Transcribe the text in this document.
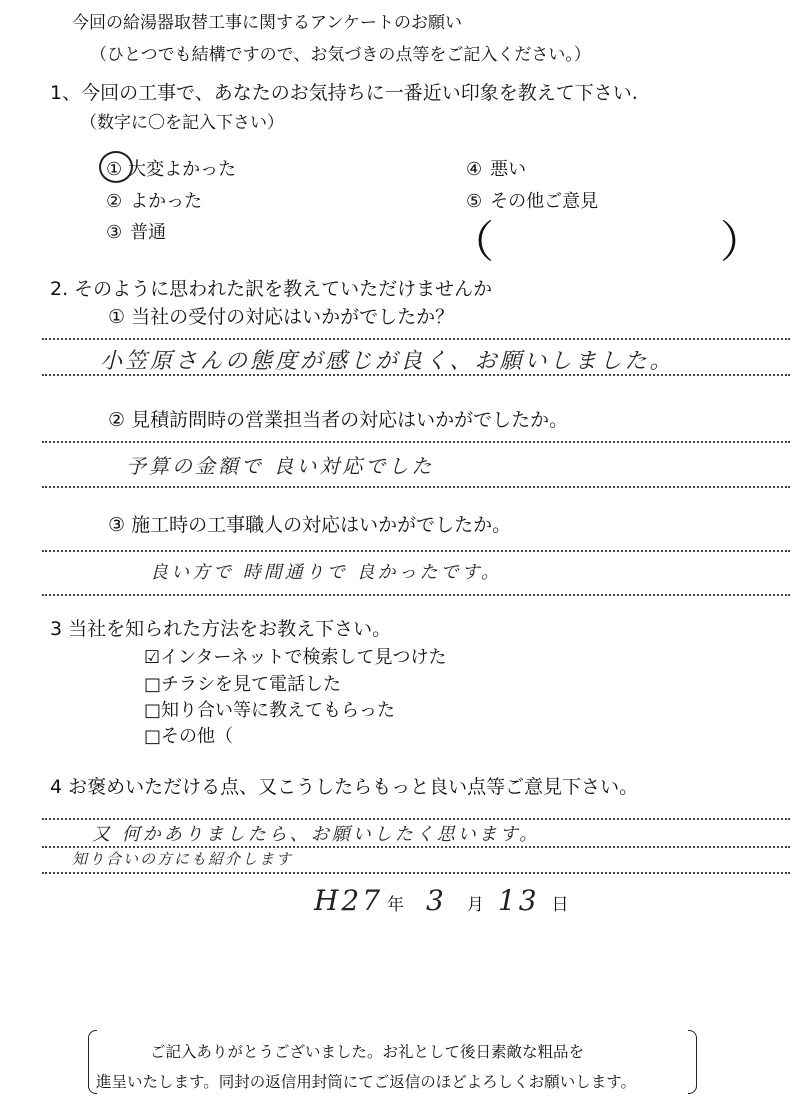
今回の給湯器取替工事に関するアンケートのお願い
（ひとつでも結構ですので、お気づきの点等をご記入ください。）
1、今回の工事で、あなたのお気持ちに一番近い印象を教えて下さい.
（数字に〇を記入下さい）
① 大変よかった
② よかった
③ 普通
④ 悪い
⑤ その他ご意見
（	）
2. そのように思われた訳を教えていただけませんか
① 当社の受付の対応はいかがでしたか？
小笠原さんの態度が感じが良く、お願いしました。
② 見積訪問時の営業担当者の対応はいかがでしたか。
予算の金額で 良い対応でした
③ 施工時の工事職人の対応はいかがでしたか。
良い方で 時間通りで 良かったです。
3 当社を知られた方法をお教え下さい。
☑インターネットで検索して見つけた
□チラシを見て電話した
□知り合い等に教えてもらった
□その他（
4 お褒めいただける点、又こうしたらもっと良い点等ご意見下さい。
又 何かありましたら、お願いしたく思います。
知り合いの方にも紹介します
H27 年 3 月 13 日
ご記入ありがとうございました。お礼として後日素敵な粗品を
進呈いたします。同封の返信用封筒にてご返信のほどよろしくお願いします。
